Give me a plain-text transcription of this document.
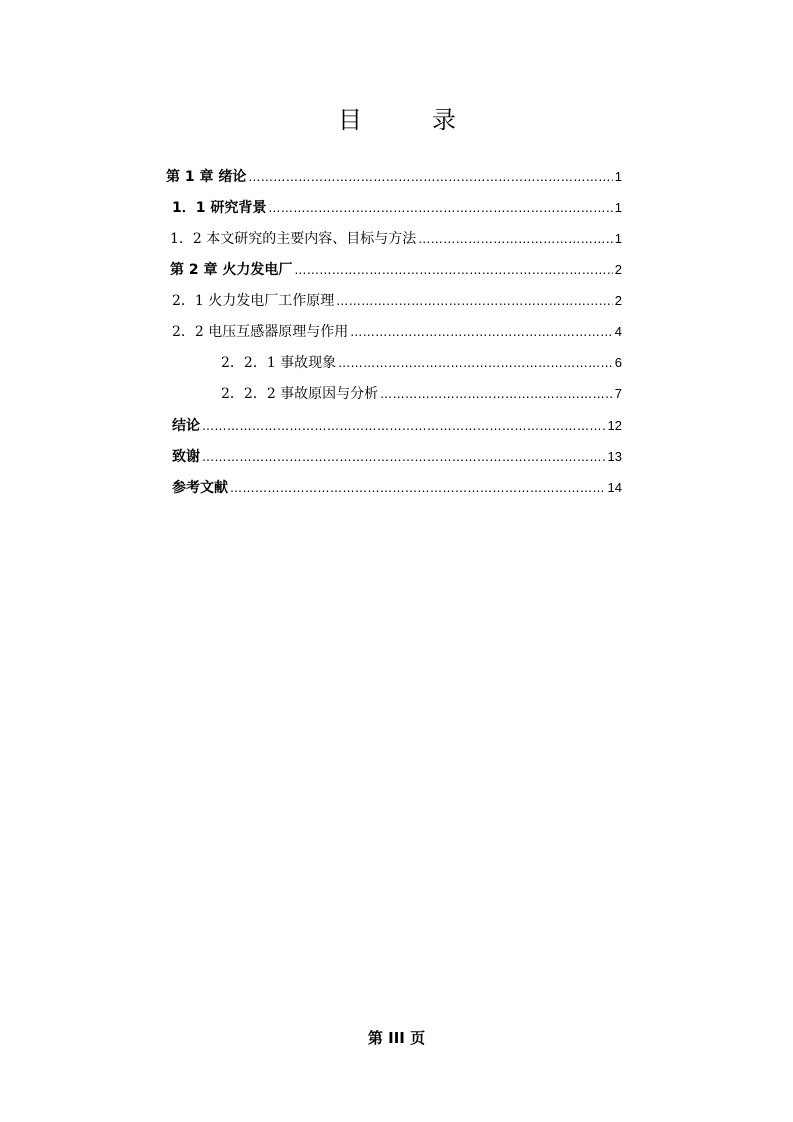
目	录
第 1 章 绪论 ………………………………………………………………………………………………………………………………………………………………	1
1．1 研究背景 ………………………………………………………………………………………………………………………………………………………………	1
1．2 本文研究的主要内容、目标与方法 ………………………………………………………………………………………………………………………………………………………………	1
第 2 章 火力发电厂 ………………………………………………………………………………………………………………………………………………………………	2
2．1 火力发电厂工作原理 ………………………………………………………………………………………………………………………………………………………………	2
2．2 电压互感器原理与作用 ………………………………………………………………………………………………………………………………………………………………	4
2．2．1 事故现象 ………………………………………………………………………………………………………………………………………………………………	6
2．2．2 事故原因与分析 ………………………………………………………………………………………………………………………………………………………………	7
结论 ………………………………………………………………………………………………………………………………………………………………	12
致谢 ………………………………………………………………………………………………………………………………………………………………	13
参考文献 ………………………………………………………………………………………………………………………………………………………………	14
第 III 页
